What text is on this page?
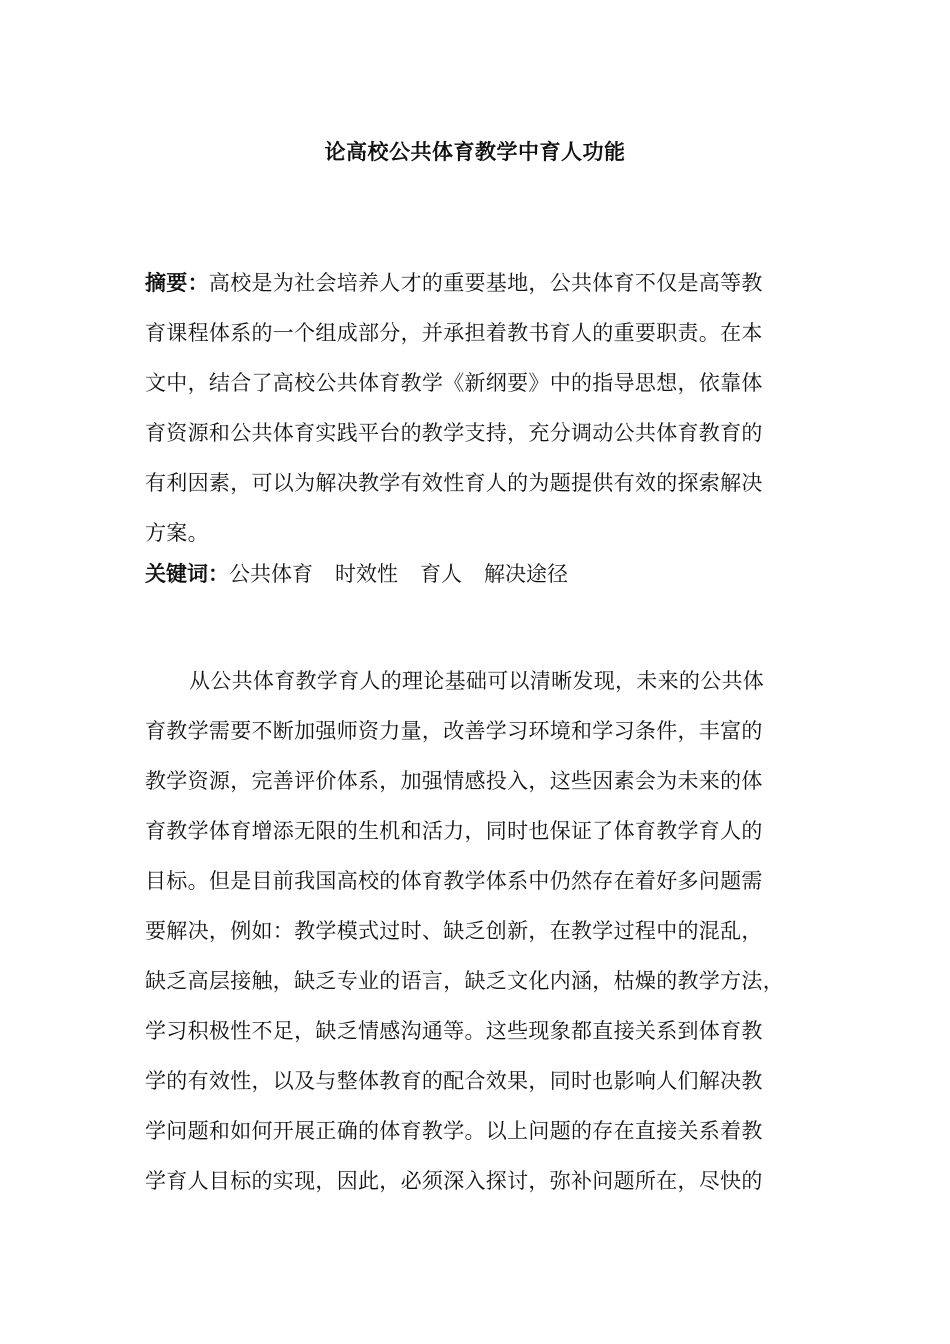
论高校公共体育教学中育人功能
摘要：高校是为社会培养人才的重要基地，公共体育不仅是高等教
育课程体系的一个组成部分，并承担着教书育人的重要职责。在本
文中，结合了高校公共体育教学《新纲要》中的指导思想，依靠体
育资源和公共体育实践平台的教学支持，充分调动公共体育教育的
有利因素，可以为解决教学有效性育人的为题提供有效的探索解决
方案。
关键词：公共体育 时效性 育人 解决途径
从公共体育教学育人的理论基础可以清晰发现，未来的公共体
育教学需要不断加强师资力量，改善学习环境和学习条件，丰富的
教学资源，完善评价体系，加强情感投入，这些因素会为未来的体
育教学体育增添无限的生机和活力，同时也保证了体育教学育人的
目标。但是目前我国高校的体育教学体系中仍然存在着好多问题需
要解决，例如：教学模式过时、缺乏创新，在教学过程中的混乱，
缺乏高层接触，缺乏专业的语言，缺乏文化内涵，枯燥的教学方法，
学习积极性不足，缺乏情感沟通等。这些现象都直接关系到体育教
学的有效性，以及与整体教育的配合效果，同时也影响人们解决教
学问题和如何开展正确的体育教学。以上问题的存在直接关系着教
学育人目标的实现，因此，必须深入探讨，弥补问题所在，尽快的
